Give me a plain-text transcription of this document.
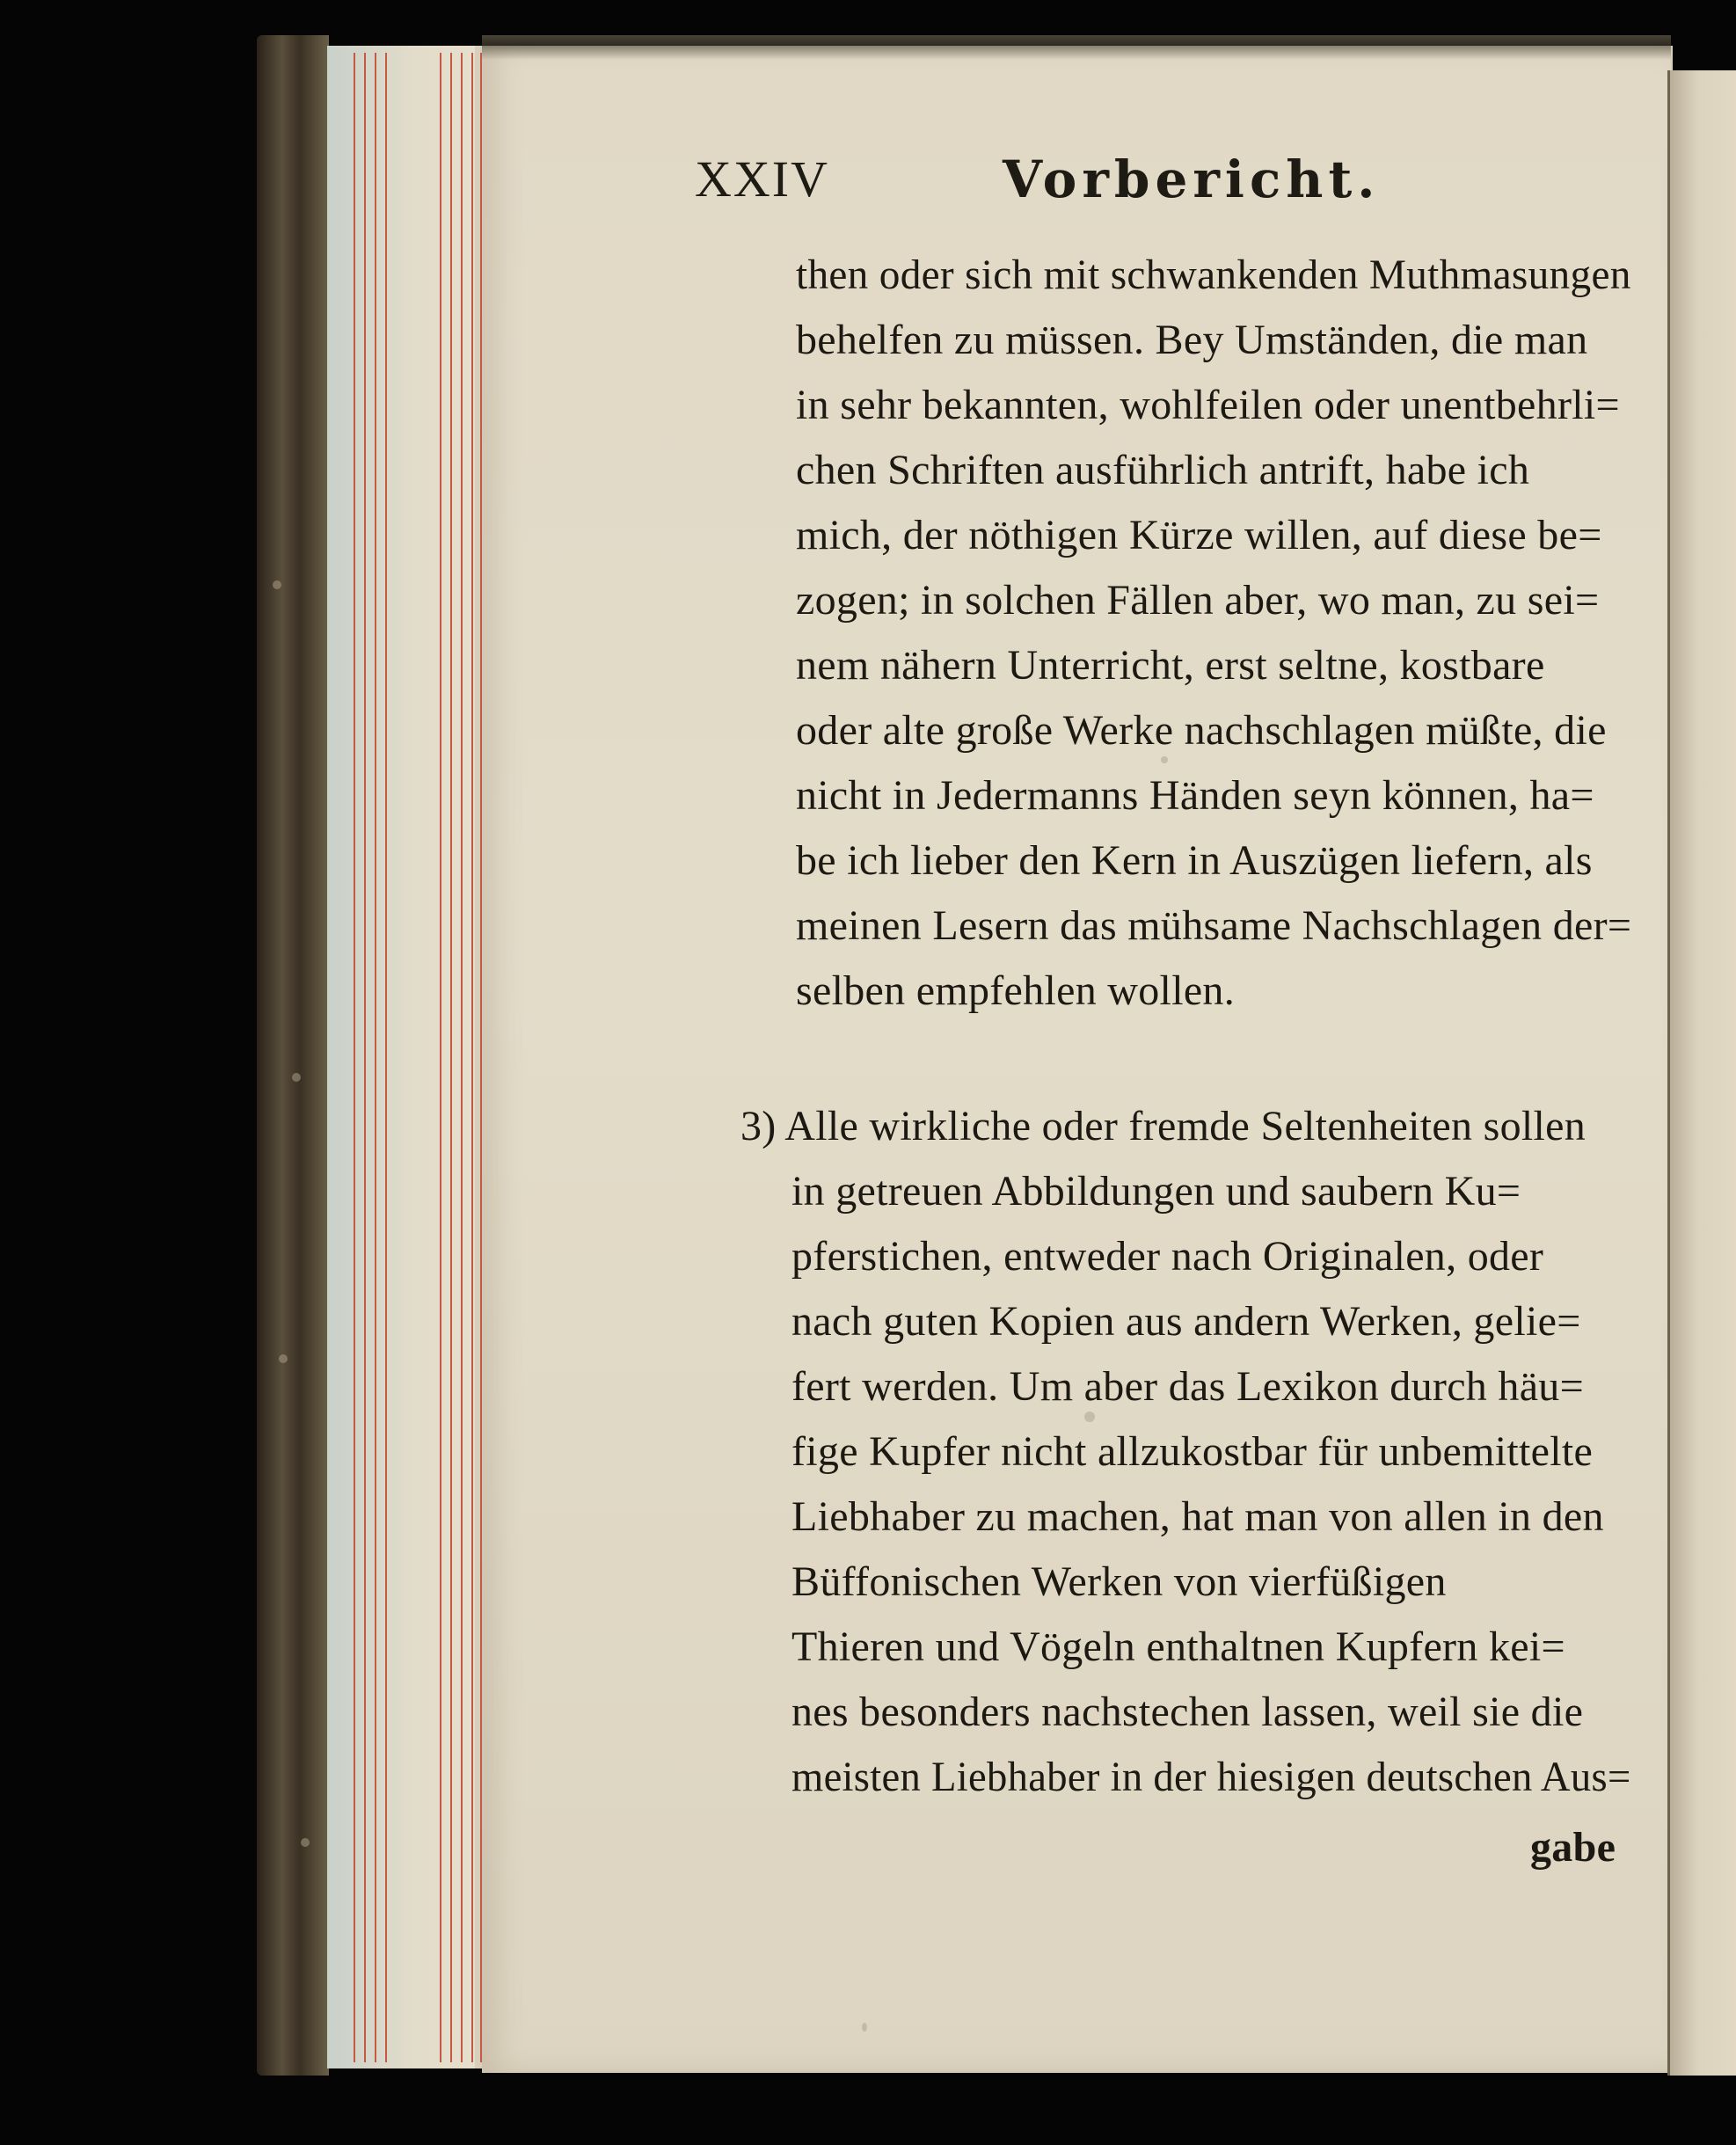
XXIV	Vorbericht.
then oder sich mit schwankenden Muthmasungen
behelfen zu müssen. Bey Umständen, die man
in sehr bekannten, wohlfeilen oder unentbehrli=
chen Schriften ausführlich antrift, habe ich
mich, der nöthigen Kürze willen, auf diese be=
zogen; in solchen Fällen aber, wo man, zu sei=
nem nähern Unterricht, erst seltne, kostbare
oder alte große Werke nachschlagen müßte, die
nicht in Jedermanns Händen seyn können, ha=
be ich lieber den Kern in Auszügen liefern, als
meinen Lesern das mühsame Nachschlagen der=
selben empfehlen wollen.
3) Alle wirkliche oder fremde Seltenheiten sollen
in getreuen Abbildungen und saubern Ku=
pferstichen, entweder nach Originalen, oder
nach guten Kopien aus andern Werken, gelie=
fert werden. Um aber das Lexikon durch häu=
fige Kupfer nicht allzukostbar für unbemittelte
Liebhaber zu machen, hat man von allen in den
Büffonischen Werken von vierfüßigen
Thieren und Vögeln enthaltnen Kupfern kei=
nes besonders nachstechen lassen, weil sie die
meisten Liebhaber in der hiesigen deutschen Aus=
gabe
